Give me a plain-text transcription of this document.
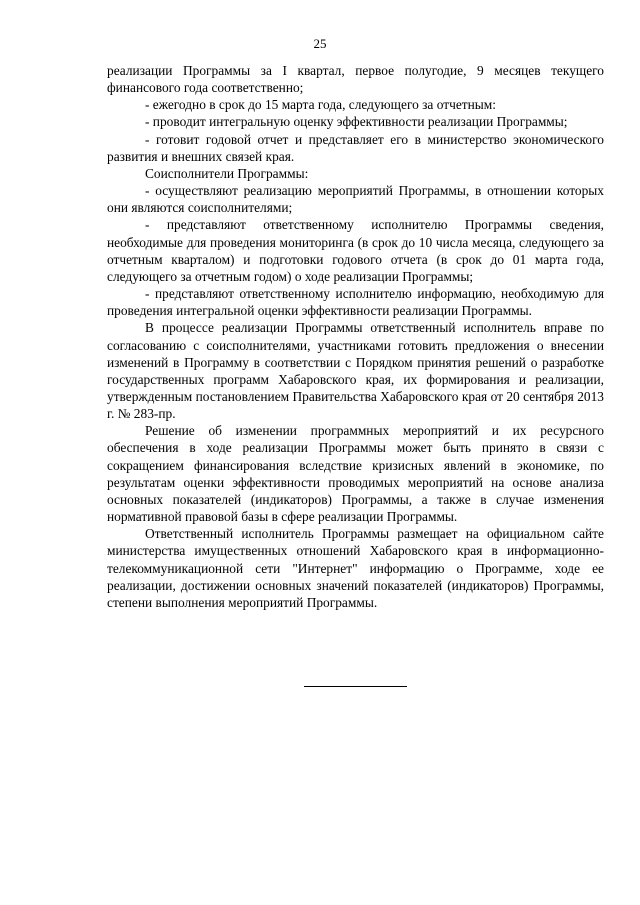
25

реализации Программы за I квартал, первое полугодие, 9 месяцев текущего финансового года соответственно;

- ежегодно в срок до 15 марта года, следующего за отчетным:

- проводит интегральную оценку эффективности реализации Программы;

- готовит годовой отчет и представляет его в министерство экономического развития и внешних связей края.

Соисполнители Программы:

- осуществляют реализацию мероприятий Программы, в отношении которых они являются соисполнителями;

- представляют ответственному исполнителю Программы сведения, необходимые для проведения мониторинга (в срок до 10 числа месяца, следующего за отчетным кварталом) и подготовки годового отчета (в срок до 01 марта года, следующего за отчетным годом) о ходе реализации Программы;

- представляют ответственному исполнителю информацию, необходимую для проведения интегральной оценки эффективности реализации Программы.

В процессе реализации Программы ответственный исполнитель вправе по согласованию с соисполнителями, участниками готовить предложения о внесении изменений в Программу в соответствии с Порядком принятия решений о разработке государственных программ Хабаровского края, их формирования и реализации, утвержденным постановлением Правительства Хабаровского края от 20 сентября 2013 г. № 283-пр.

Решение об изменении программных мероприятий и их ресурсного обеспечения в ходе реализации Программы может быть принято в связи с сокращением финансирования вследствие кризисных явлений в экономике, по результатам оценки эффективности проводимых мероприятий на основе анализа основных показателей (индикаторов) Программы, а также в случае изменения нормативной правовой базы в сфере реализации Программы.

Ответственный исполнитель Программы размещает на официальном сайте министерства имущественных отношений Хабаровского края в информационно-телекоммуникационной сети "Интернет" информацию о Программе, ходе ее реализации, достижении основных значений показателей (индикаторов) Программы, степени выполнения мероприятий Программы.
